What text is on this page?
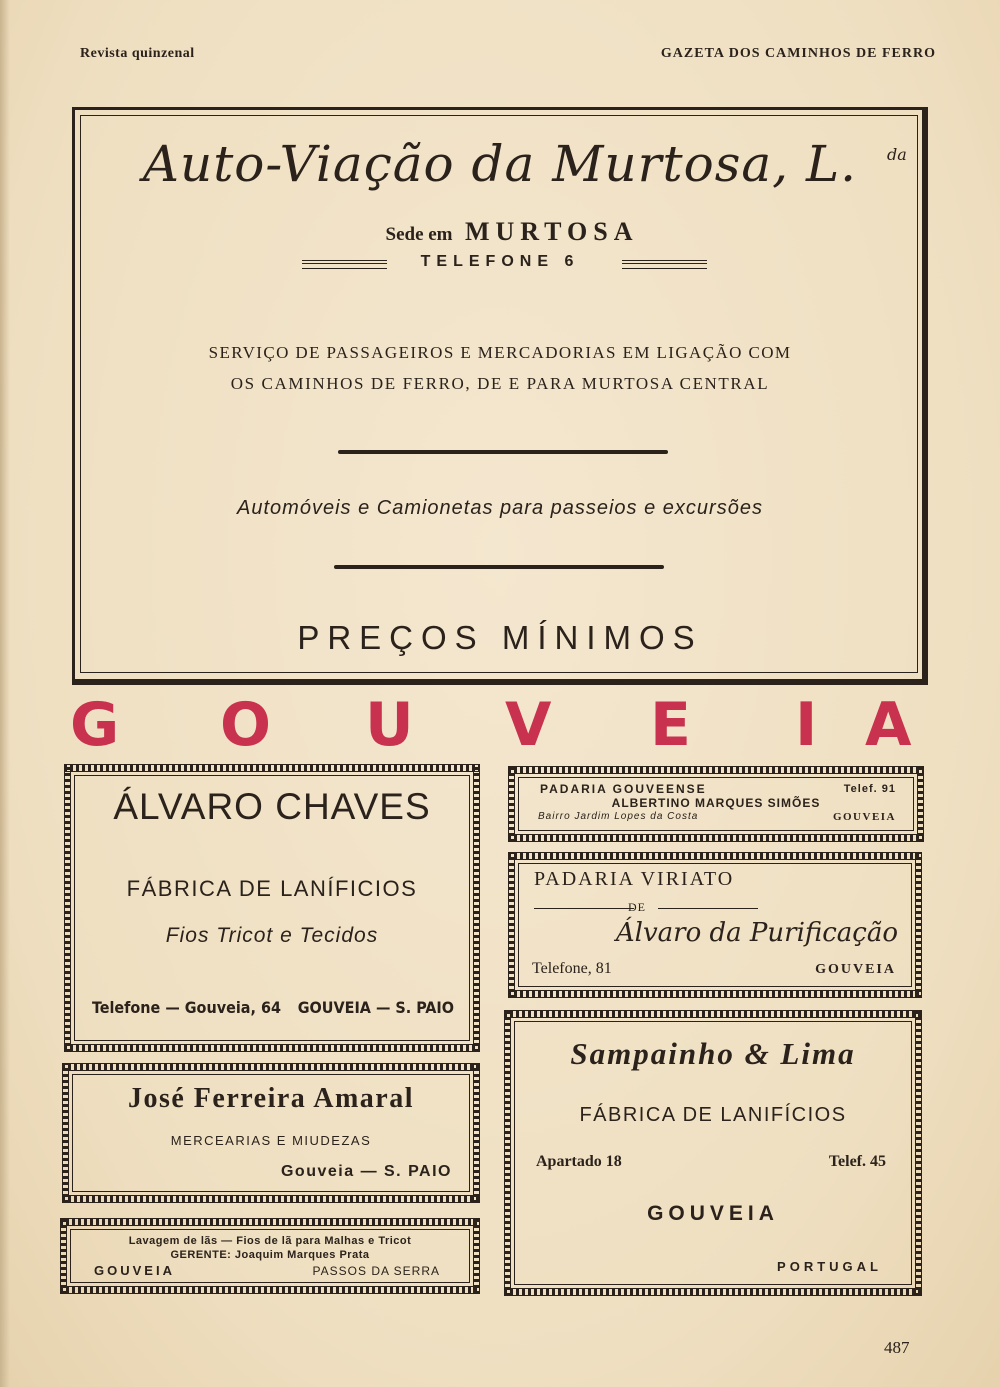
Revista quinzenal	GAZETA DOS CAMINHOS DE FERRO
Auto-Viação da Murtosa, L.	da
Sede em MURTOSA
TELEFONE 6
SERVIÇO DE PASSAGEIROS E MERCADORIAS EM LIGAÇÃO COM
OS CAMINHOS DE FERRO, DE E PARA MURTOSA CENTRAL
Automóveis e Camionetas para passeios e excursões
PREÇOS MÍNIMOS
G O U V E I A
ÁLVARO CHAVES
FÁBRICA DE LANÍFICIOS
Fios Tricot e Tecidos
Telefone — Gouveia, 64 GOUVEIA — S. PAIO
José Ferreira Amaral
MERCEARIAS E MIUDEZAS
Gouveia — S. PAIO
Lavagem de lãs — Fios de lã para Malhas e Tricot
GERENTE: Joaquim Marques Prata
GOUVEIA	PASSOS DA SERRA
PADARIA GOUVEENSE	Telef. 91
ALBERTINO MARQUES SIMÕES
Bairro Jardim Lopes da Costa	GOUVEIA
PADARIA VIRIATO
DE
Álvaro da Purificação
Telefone, 81	GOUVEIA
Sampainho & Lima
FÁBRICA DE LANIFÍCIOS
Apartado 18	Telef. 45
GOUVEIA
PORTUGAL
487
